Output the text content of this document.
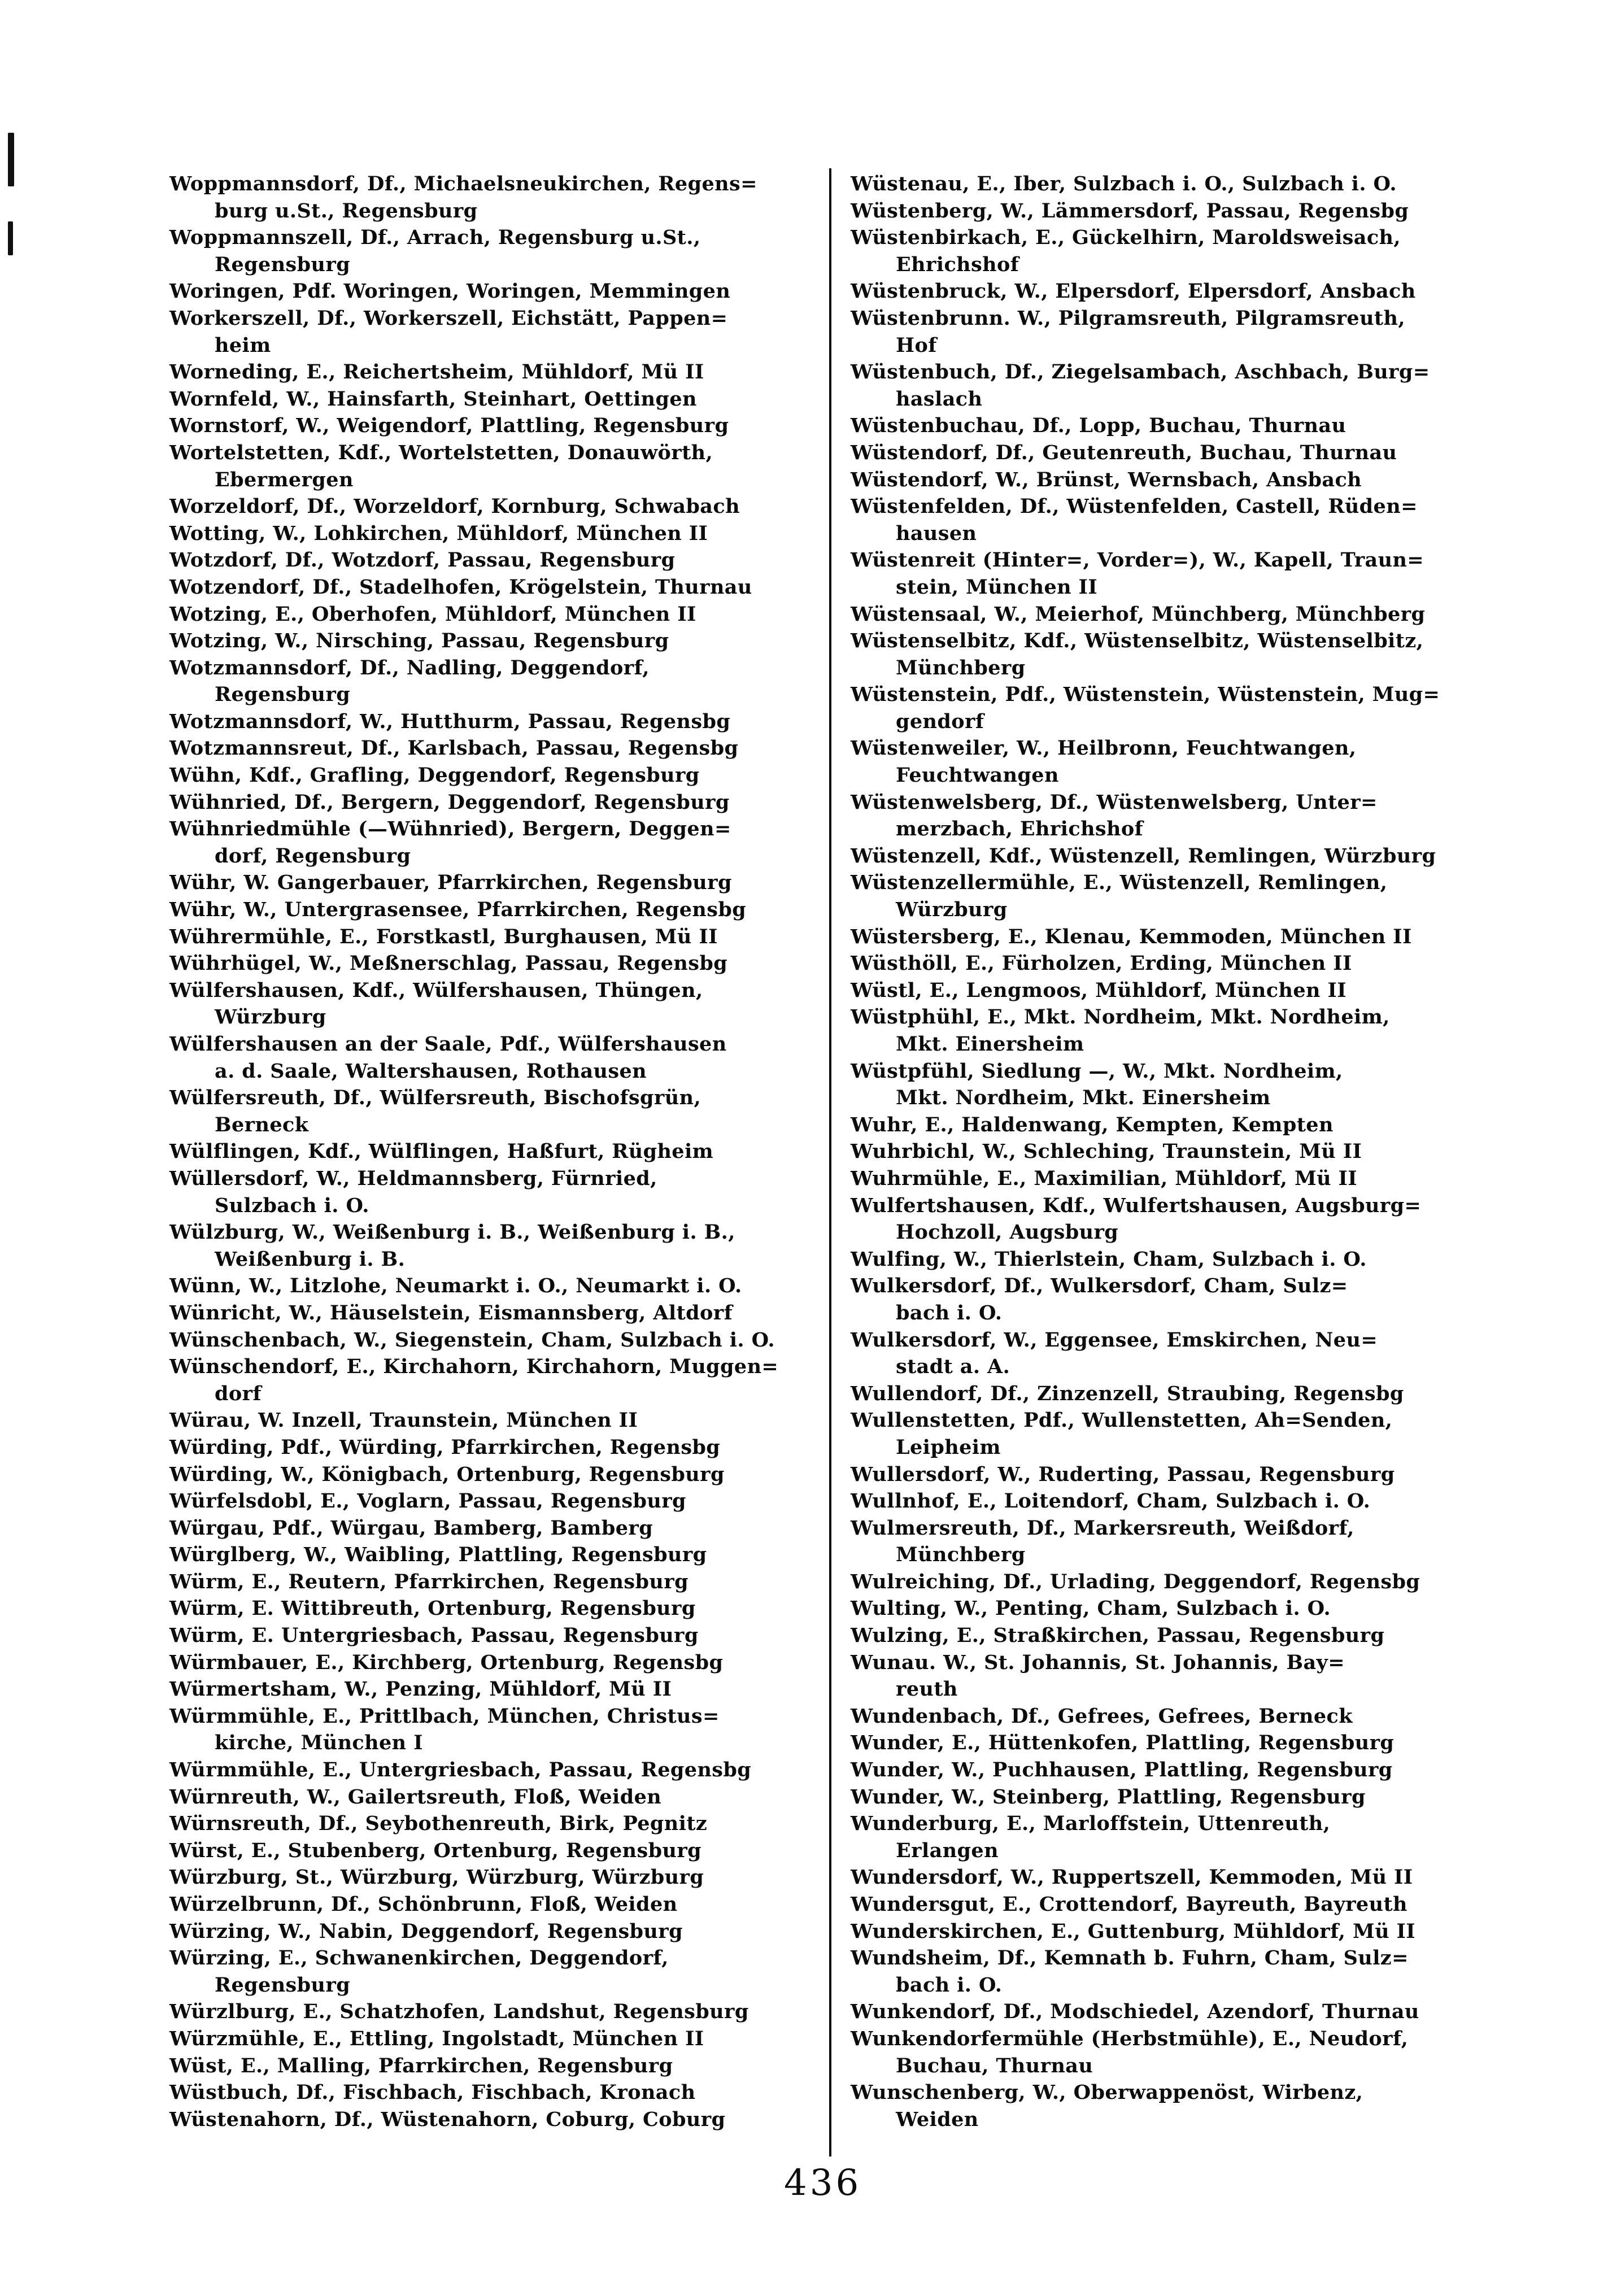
Woppmannsdorf, Df., Michaelsneukirchen, Regens=
burg u.St., Regensburg
Woppmannszell, Df., Arrach, Regensburg u.St.,
Regensburg
Woringen, Pdf. Woringen, Woringen, Memmingen
Workerszell, Df., Workerszell, Eichstätt, Pappen=
heim
Worneding, E., Reichertsheim, Mühldorf, Mü II
Wornfeld, W., Hainsfarth, Steinhart, Oettingen
Wornstorf, W., Weigendorf, Plattling, Regensburg
Wortelstetten, Kdf., Wortelstetten, Donauwörth,
Ebermergen
Worzeldorf, Df., Worzeldorf, Kornburg, Schwabach
Wotting, W., Lohkirchen, Mühldorf, München II
Wotzdorf, Df., Wotzdorf, Passau, Regensburg
Wotzendorf, Df., Stadelhofen, Krögelstein, Thurnau
Wotzing, E., Oberhofen, Mühldorf, München II
Wotzing, W., Nirsching, Passau, Regensburg
Wotzmannsdorf, Df., Nadling, Deggendorf,
Regensburg
Wotzmannsdorf, W., Hutthurm, Passau, Regensbg
Wotzmannsreut, Df., Karlsbach, Passau, Regensbg
Wühn, Kdf., Grafling, Deggendorf, Regensburg
Wühnried, Df., Bergern, Deggendorf, Regensburg
Wühnriedmühle (—Wühnried), Bergern, Deggen=
dorf, Regensburg
Wühr, W. Gangerbauer, Pfarrkirchen, Regensburg
Wühr, W., Untergrasensee, Pfarrkirchen, Regensbg
Wührermühle, E., Forstkastl, Burghausen, Mü II
Wührhügel, W., Meßnerschlag, Passau, Regensbg
Wülfershausen, Kdf., Wülfershausen, Thüngen,
Würzburg
Wülfershausen an der Saale, Pdf., Wülfershausen
a. d. Saale, Waltershausen, Rothausen
Wülfersreuth, Df., Wülfersreuth, Bischofsgrün,
Berneck
Wülflingen, Kdf., Wülflingen, Haßfurt, Rügheim
Wüllersdorf, W., Heldmannsberg, Fürnried,
Sulzbach i. O.
Wülzburg, W., Weißenburg i. B., Weißenburg i. B.,
Weißenburg i. B.
Wünn, W., Litzlohe, Neumarkt i. O., Neumarkt i. O.
Wünricht, W., Häuselstein, Eismannsberg, Altdorf
Wünschenbach, W., Siegenstein, Cham, Sulzbach i. O.
Wünschendorf, E., Kirchahorn, Kirchahorn, Muggen=
dorf
Würau, W. Inzell, Traunstein, München II
Würding, Pdf., Würding, Pfarrkirchen, Regensbg
Würding, W., Königbach, Ortenburg, Regensburg
Würfelsdobl, E., Voglarn, Passau, Regensburg
Würgau, Pdf., Würgau, Bamberg, Bamberg
Würglberg, W., Waibling, Plattling, Regensburg
Würm, E., Reutern, Pfarrkirchen, Regensburg
Würm, E. Wittibreuth, Ortenburg, Regensburg
Würm, E. Untergriesbach, Passau, Regensburg
Würmbauer, E., Kirchberg, Ortenburg, Regensbg
Würmertsham, W., Penzing, Mühldorf, Mü II
Würmmühle, E., Prittlbach, München, Christus=
kirche, München I
Würmmühle, E., Untergriesbach, Passau, Regensbg
Würnreuth, W., Gailertsreuth, Floß, Weiden
Würnsreuth, Df., Seybothenreuth, Birk, Pegnitz
Würst, E., Stubenberg, Ortenburg, Regensburg
Würzburg, St., Würzburg, Würzburg, Würzburg
Würzelbrunn, Df., Schönbrunn, Floß, Weiden
Würzing, W., Nabin, Deggendorf, Regensburg
Würzing, E., Schwanenkirchen, Deggendorf,
Regensburg
Würzlburg, E., Schatzhofen, Landshut, Regensburg
Würzmühle, E., Ettling, Ingolstadt, München II
Wüst, E., Malling, Pfarrkirchen, Regensburg
Wüstbuch, Df., Fischbach, Fischbach, Kronach
Wüstenahorn, Df., Wüstenahorn, Coburg, Coburg
Wüstenau, E., Iber, Sulzbach i. O., Sulzbach i. O.
Wüstenberg, W., Lämmersdorf, Passau, Regensbg
Wüstenbirkach, E., Gückelhirn, Maroldsweisach,
Ehrichshof
Wüstenbruck, W., Elpersdorf, Elpersdorf, Ansbach
Wüstenbrunn. W., Pilgramsreuth, Pilgramsreuth,
Hof
Wüstenbuch, Df., Ziegelsambach, Aschbach, Burg=
haslach
Wüstenbuchau, Df., Lopp, Buchau, Thurnau
Wüstendorf, Df., Geutenreuth, Buchau, Thurnau
Wüstendorf, W., Brünst, Wernsbach, Ansbach
Wüstenfelden, Df., Wüstenfelden, Castell, Rüden=
hausen
Wüstenreit (Hinter=, Vorder=), W., Kapell, Traun=
stein, München II
Wüstensaal, W., Meierhof, Münchberg, Münchberg
Wüstenselbitz, Kdf., Wüstenselbitz, Wüstenselbitz,
Münchberg
Wüstenstein, Pdf., Wüstenstein, Wüstenstein, Mug=
gendorf
Wüstenweiler, W., Heilbronn, Feuchtwangen,
Feuchtwangen
Wüstenwelsberg, Df., Wüstenwelsberg, Unter=
merzbach, Ehrichshof
Wüstenzell, Kdf., Wüstenzell, Remlingen, Würzburg
Wüstenzellermühle, E., Wüstenzell, Remlingen,
Würzburg
Wüstersberg, E., Klenau, Kemmoden, München II
Wüsthöll, E., Fürholzen, Erding, München II
Wüstl, E., Lengmoos, Mühldorf, München II
Wüstphühl, E., Mkt. Nordheim, Mkt. Nordheim,
Mkt. Einersheim
Wüstpfühl, Siedlung —, W., Mkt. Nordheim,
Mkt. Nordheim, Mkt. Einersheim
Wuhr, E., Haldenwang, Kempten, Kempten
Wuhrbichl, W., Schleching, Traunstein, Mü II
Wuhrmühle, E., Maximilian, Mühldorf, Mü II
Wulfertshausen, Kdf., Wulfertshausen, Augsburg=
Hochzoll, Augsburg
Wulfing, W., Thierlstein, Cham, Sulzbach i. O.
Wulkersdorf, Df., Wulkersdorf, Cham, Sulz=
bach i. O.
Wulkersdorf, W., Eggensee, Emskirchen, Neu=
stadt a. A.
Wullendorf, Df., Zinzenzell, Straubing, Regensbg
Wullenstetten, Pdf., Wullenstetten, Ah=Senden,
Leipheim
Wullersdorf, W., Ruderting, Passau, Regensburg
Wullnhof, E., Loitendorf, Cham, Sulzbach i. O.
Wulmersreuth, Df., Markersreuth, Weißdorf,
Münchberg
Wulreiching, Df., Urlading, Deggendorf, Regensbg
Wulting, W., Penting, Cham, Sulzbach i. O.
Wulzing, E., Straßkirchen, Passau, Regensburg
Wunau. W., St. Johannis, St. Johannis, Bay=
reuth
Wundenbach, Df., Gefrees, Gefrees, Berneck
Wunder, E., Hüttenkofen, Plattling, Regensburg
Wunder, W., Puchhausen, Plattling, Regensburg
Wunder, W., Steinberg, Plattling, Regensburg
Wunderburg, E., Marloffstein, Uttenreuth,
Erlangen
Wundersdorf, W., Ruppertszell, Kemmoden, Mü II
Wundersgut, E., Crottendorf, Bayreuth, Bayreuth
Wunderskirchen, E., Guttenburg, Mühldorf, Mü II
Wundsheim, Df., Kemnath b. Fuhrn, Cham, Sulz=
bach i. O.
Wunkendorf, Df., Modschiedel, Azendorf, Thurnau
Wunkendorfermühle (Herbstmühle), E., Neudorf,
Buchau, Thurnau
Wunschenberg, W., Oberwappenöst, Wirbenz,
Weiden
436
